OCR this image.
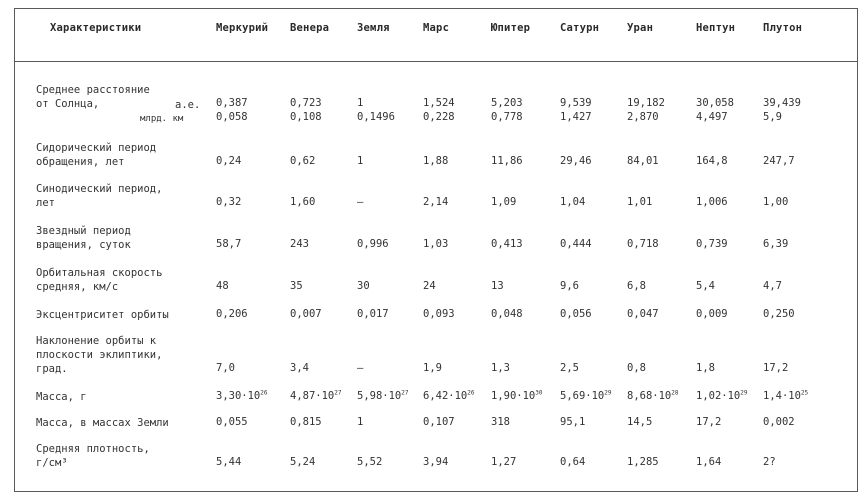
Характеристики	Меркурий Венера	Земля	Марс	Юпитер	Сатурн	Уран	Нептун	Плутон
Среднее расстояние
от Солнца,	а.е.
млрд. км
0,387	0,723	1	1,524	5,203	9,539	19,182	30,058	39,439
0,058	0,108	0,1496	0,228	0,778	1,427	2,870	4,497	5,9
Сидорический период
обращения, лет	0,24	0,62	1	1,88	11,86	29,46	84,01	164,8	247,7
Синодический период,
лет	0,32	1,60	—	2,14	1,09	1,04	1,01	1,006	1,00
Звездный период
вращения, суток	58,7	243	0,996	1,03	0,413	0,444	0,718	0,739	6,39
Орбитальная скорость
средняя, км/с	48	35	30	24	13	9,6	6,8	5,4	4,7
Эксцентриситет орбиты	0,206	0,007	0,017	0,093	0,048	0,056	0,047	0,009	0,250
Наклонение орбиты к
плоскости эклиптики,
град.	7,0	3,4	—	1,9	1,3	2,5	0,8	1,8	17,2
Масса, г	$3,30\cdot 10^{26}$ $4,87\cdot 10^{27}$ $5,98\cdot 10^{27}$ $6,42\cdot 10^{26}$ $1,90\cdot 10^{30}$ $5,69\cdot 10^{29}$ $8,68\cdot 10^{28}$ $1,02\cdot 10^{29}$ $1,4\cdot 10^{25}$
Масса, в массах Земли	0,055	0,815	1	0,107	318	95,1	14,5	17,2	0,002
Средняя плотность,
г/см³	5,44	5,24	5,52	3,94	1,27	0,64	1,285	1,64	2?
